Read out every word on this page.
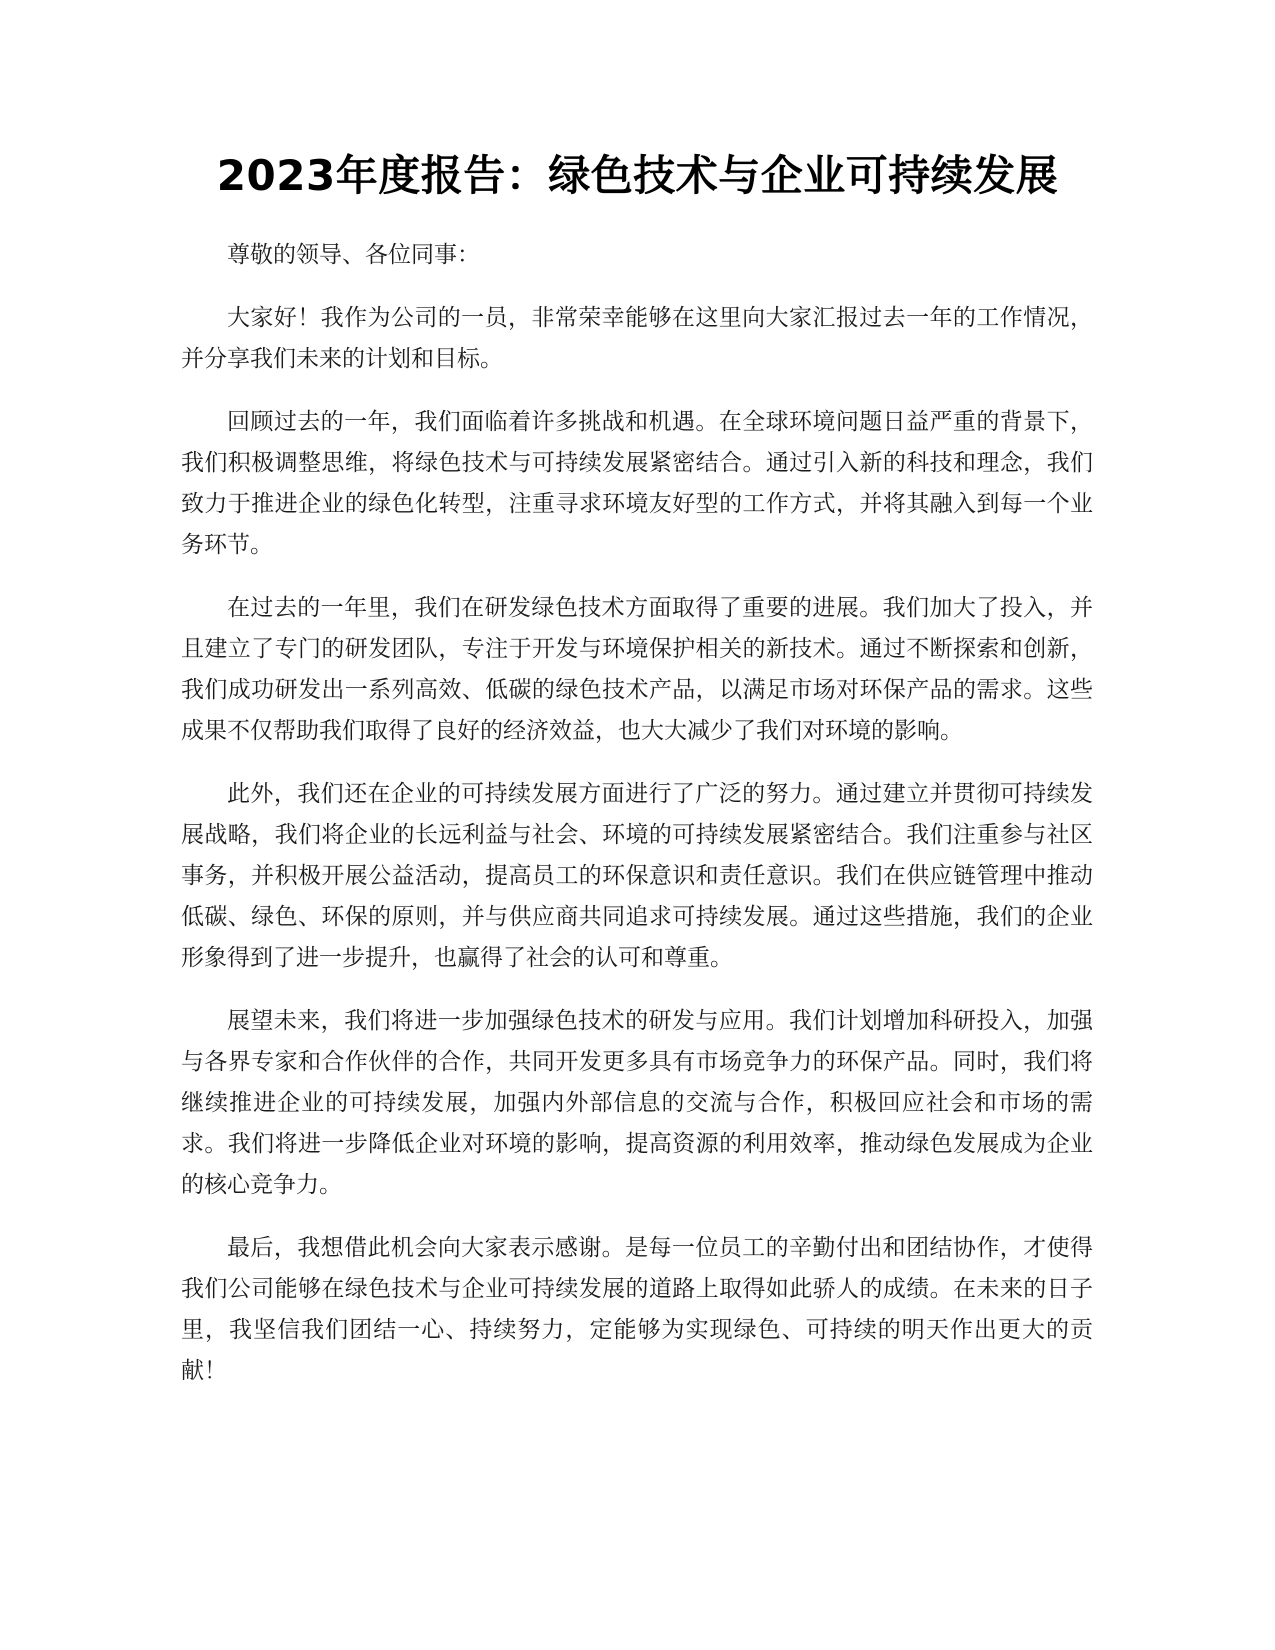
2023年度报告：绿色技术与企业可持续发展

尊敬的领导、各位同事：

大家好！我作为公司的一员，非常荣幸能够在这里向大家汇报过去一年的工作情况，并分享我们未来的计划和目标。

回顾过去的一年，我们面临着许多挑战和机遇。在全球环境问题日益严重的背景下，我们积极调整思维，将绿色技术与可持续发展紧密结合。通过引入新的科技和理念，我们致力于推进企业的绿色化转型，注重寻求环境友好型的工作方式，并将其融入到每一个业务环节。

在过去的一年里，我们在研发绿色技术方面取得了重要的进展。我们加大了投入，并且建立了专门的研发团队，专注于开发与环境保护相关的新技术。通过不断探索和创新，我们成功研发出一系列高效、低碳的绿色技术产品，以满足市场对环保产品的需求。这些成果不仅帮助我们取得了良好的经济效益，也大大减少了我们对环境的影响。

此外，我们还在企业的可持续发展方面进行了广泛的努力。通过建立并贯彻可持续发展战略，我们将企业的长远利益与社会、环境的可持续发展紧密结合。我们注重参与社区事务，并积极开展公益活动，提高员工的环保意识和责任意识。我们在供应链管理中推动低碳、绿色、环保的原则，并与供应商共同追求可持续发展。通过这些措施，我们的企业形象得到了进一步提升，也赢得了社会的认可和尊重。

展望未来，我们将进一步加强绿色技术的研发与应用。我们计划增加科研投入，加强与各界专家和合作伙伴的合作，共同开发更多具有市场竞争力的环保产品。同时，我们将继续推进企业的可持续发展，加强内外部信息的交流与合作，积极回应社会和市场的需求。我们将进一步降低企业对环境的影响，提高资源的利用效率，推动绿色发展成为企业的核心竞争力。

最后，我想借此机会向大家表示感谢。是每一位员工的辛勤付出和团结协作，才使得我们公司能够在绿色技术与企业可持续发展的道路上取得如此骄人的成绩。在未来的日子里，我坚信我们团结一心、持续努力，定能够为实现绿色、可持续的明天作出更大的贡献！
